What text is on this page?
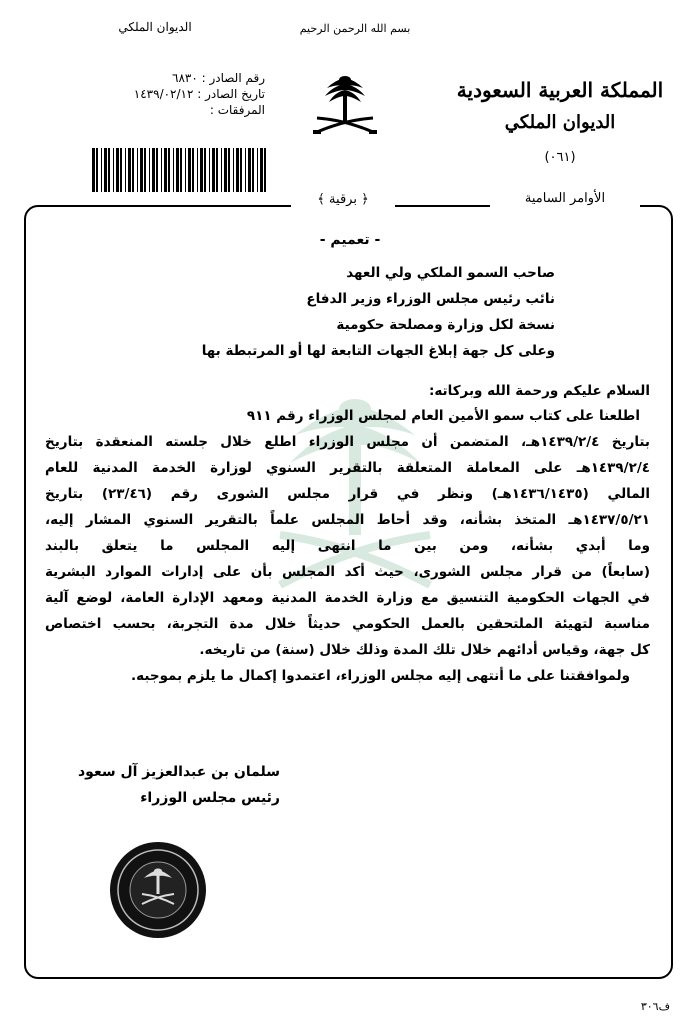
الديوان الملكي	بسم الله الرحمن الرحيم
رقم الصادر : ٦٨٣٠
تاريخ الصادر : ١٤٣٩/٠٢/١٢
المرفقات :
المملكة العربية السعودية
الديوان الملكي
(٠٦١)
الأوامر السامية
﴿ برقية ﴾
- تعميم -
صاحب السمو الملكي ولي العهد
نائب رئيس مجلس الوزراء وزير الدفاع
نسخة لكل وزارة ومصلحة حكومية
وعلى كل جهة إبلاغ الجهات التابعة لها أو المرتبطة بها
السلام عليكم ورحمة الله وبركاته:
اطلعنا على كتاب سمو الأمين العام لمجلس الوزراء رقم ٩١١
بتاريخ ١٤٣٩/٢/٤هـ، المتضمن أن مجلس الوزراء اطلع خلال جلسته المنعقدة بتاريخ
١٤٣٩/٢/٤هـ على المعاملة المتعلقة بالتقرير السنوي لوزارة الخدمة المدنية للعام
المالي (١٤٣٦/١٤٣٥هـ) ونظر في قرار مجلس الشورى رقم (٢٣/٤٦) بتاريخ
١٤٣٧/٥/٢١هـ المتخذ بشأنه، وقد أحاط المجلس علماً بالتقرير السنوي المشار إليه،
وما أبدي بشأنه، ومن بين ما انتهى إليه المجلس ما يتعلق بالبند
(سابعاً) من قرار مجلس الشورى، حيث أكد المجلس بأن على إدارات الموارد البشرية
في الجهات الحكومية التنسيق مع وزارة الخدمة المدنية ومعهد الإدارة العامة، لوضع آلية
مناسبة لتهيئة الملتحقين بالعمل الحكومي حديثاً خلال مدة التجربة، بحسب اختصاص
كل جهة، وقياس أدائهم خلال تلك المدة وذلك خلال (سنة) من تاريخه.
ولموافقتنا على ما أنتهى إليه مجلس الوزراء، اعتمدوا إكمال ما يلزم بموجبه.
سلمان بن عبدالعزيز آل سعود
رئيس مجلس الوزراء
ف٣٠٦
